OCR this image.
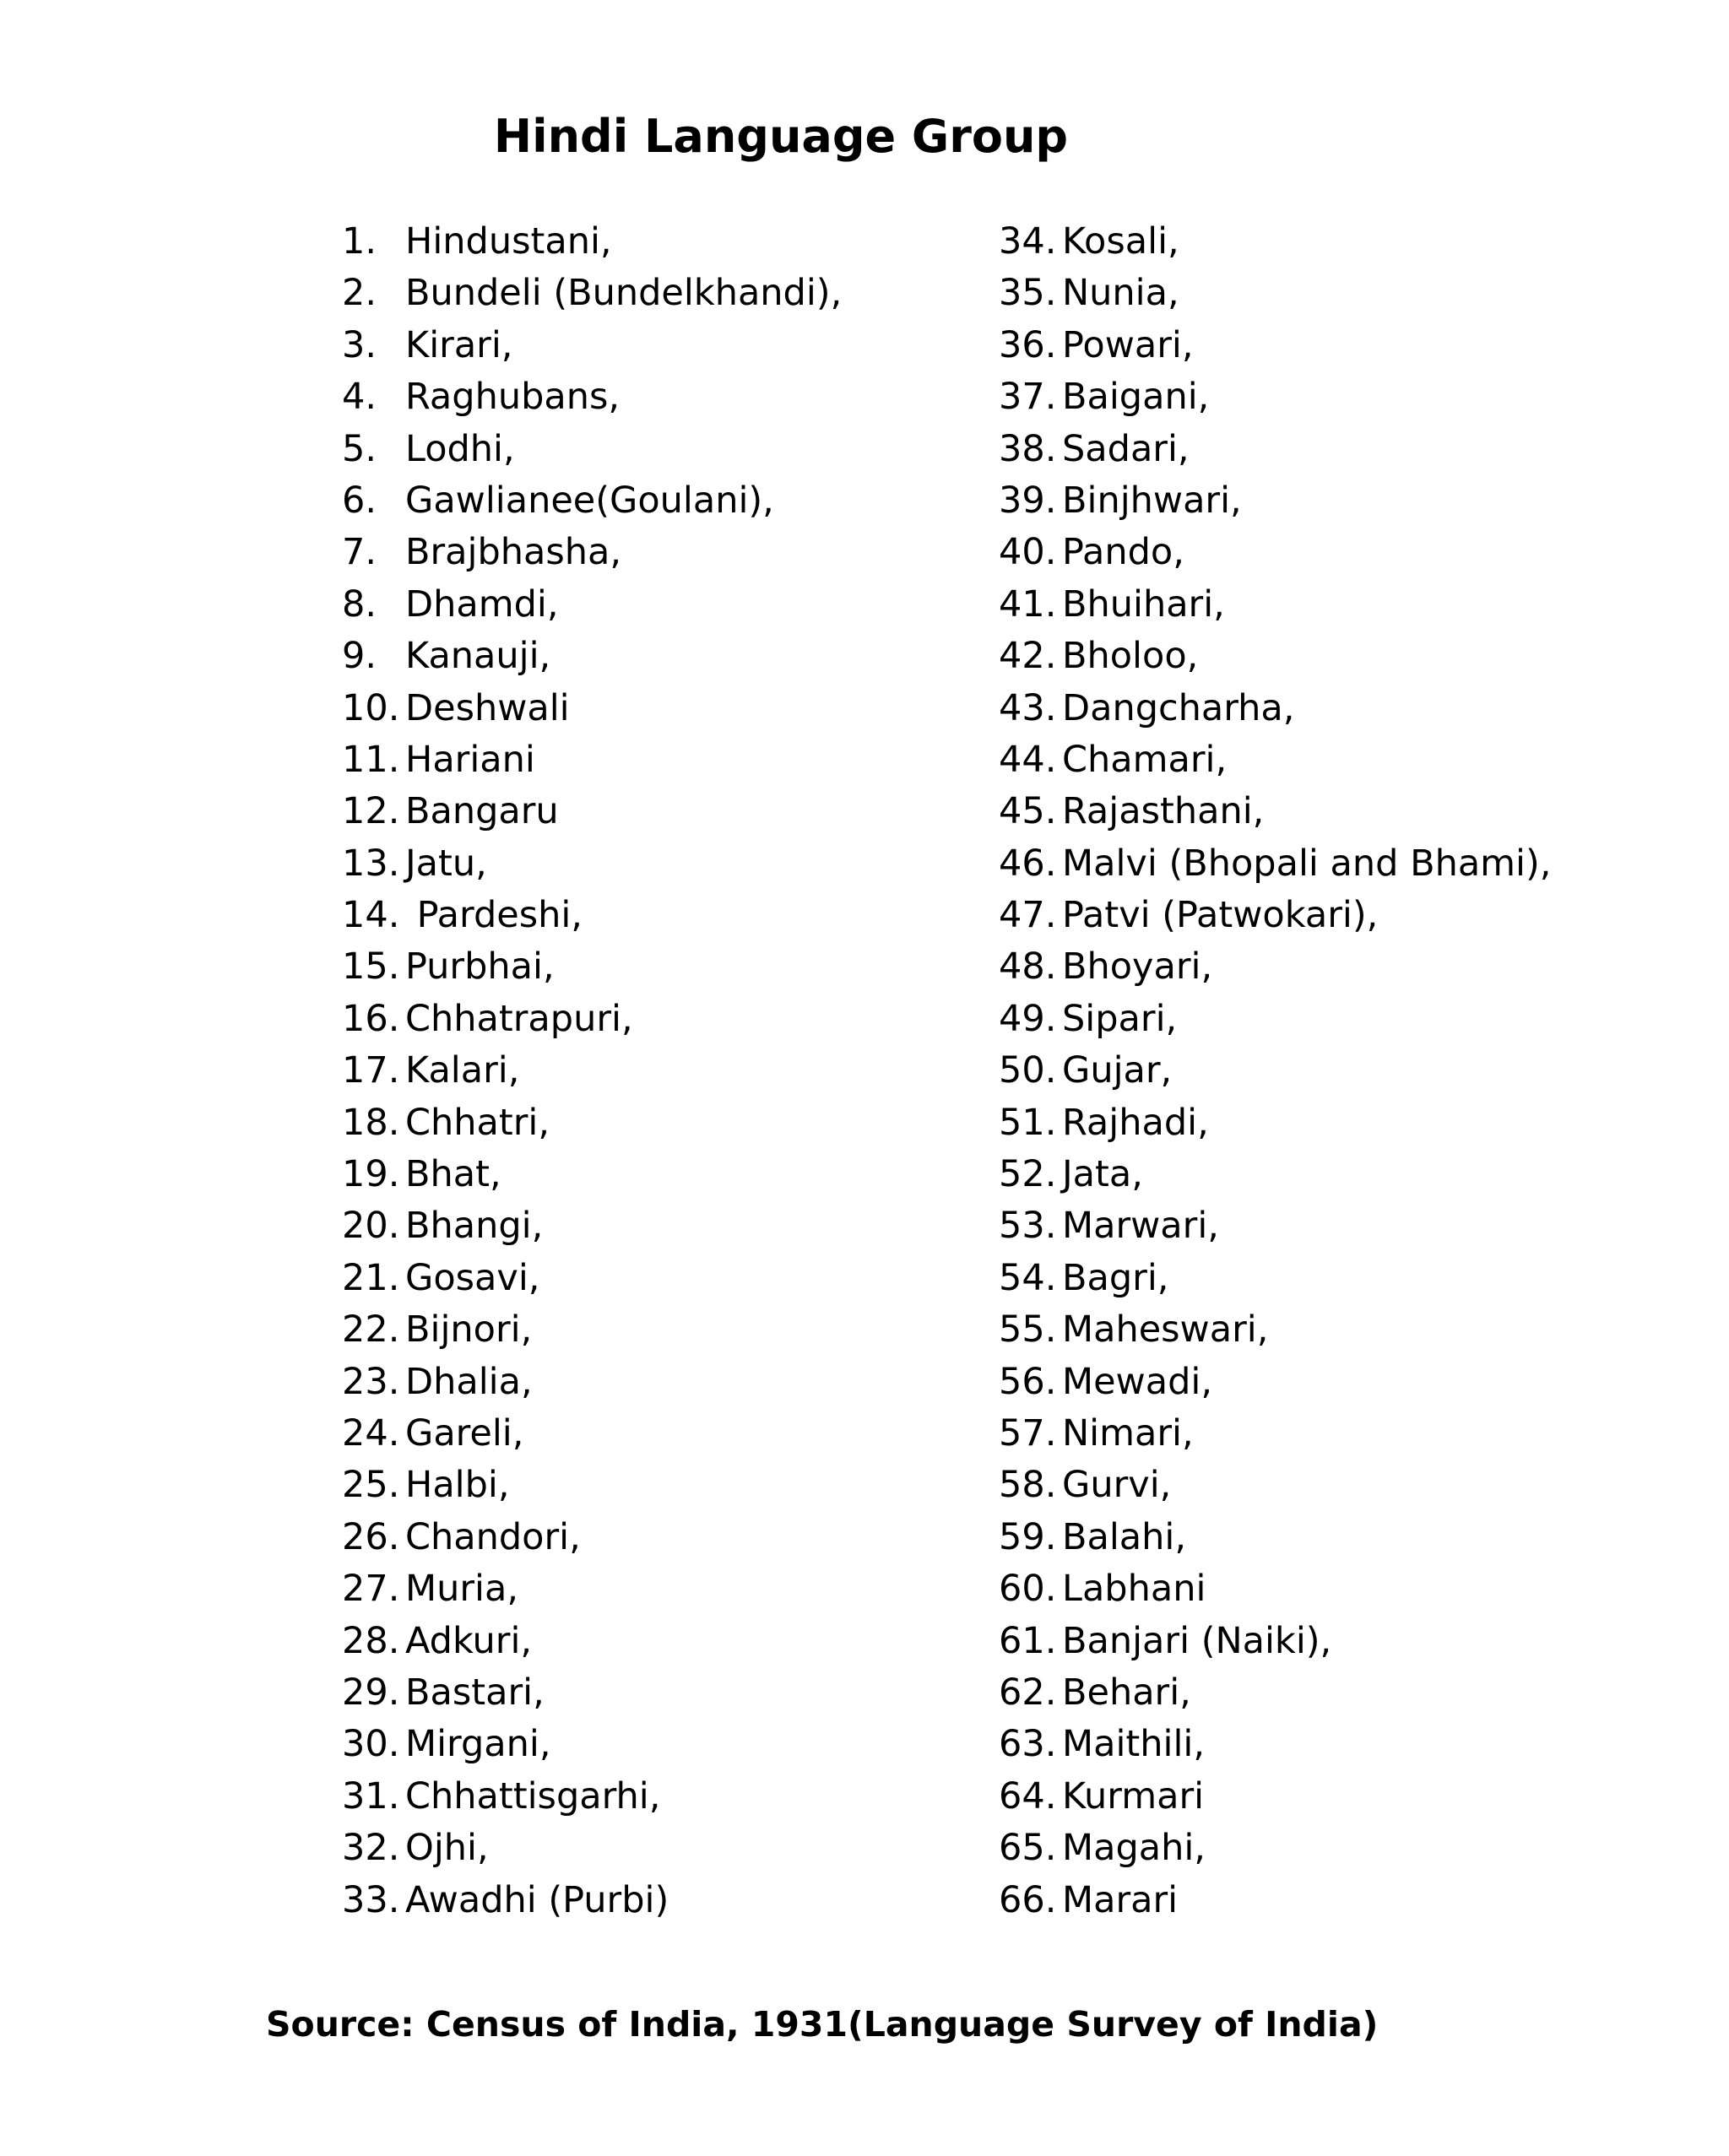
Hindi Language Group
1. Hindustani,
2. Bundeli (Bundelkhandi),
3. Kirari,
4. Raghubans,
5. Lodhi,
6. Gawlianee(Goulani),
7. Brajbhasha,
8. Dhamdi,
9. Kanauji,
10. Deshwali
11. Hariani
12. Bangaru
13. Jatu,
14. Pardeshi,
15. Purbhai,
16. Chhatrapuri,
17. Kalari,
18. Chhatri,
19. Bhat,
20. Bhangi,
21. Gosavi,
22. Bijnori,
23. Dhalia,
24. Gareli,
25. Halbi,
26. Chandori,
27. Muria,
28. Adkuri,
29. Bastari,
30. Mirgani,
31. Chhattisgarhi,
32. Ojhi,
33. Awadhi (Purbi)
34. Kosali,
35. Nunia,
36. Powari,
37. Baigani,
38. Sadari,
39. Binjhwari,
40. Pando,
41. Bhuihari,
42. Bholoo,
43. Dangcharha,
44. Chamari,
45. Rajasthani,
46. Malvi (Bhopali and Bhami),
47. Patvi (Patwokari),
48. Bhoyari,
49. Sipari,
50. Gujar,
51. Rajhadi,
52. Jata,
53. Marwari,
54. Bagri,
55. Maheswari,
56. Mewadi,
57. Nimari,
58. Gurvi,
59. Balahi,
60. Labhani
61. Banjari (Naiki),
62. Behari,
63. Maithili,
64. Kurmari
65. Magahi,
66. Marari

Source: Census of India, 1931(Language Survey of India)
